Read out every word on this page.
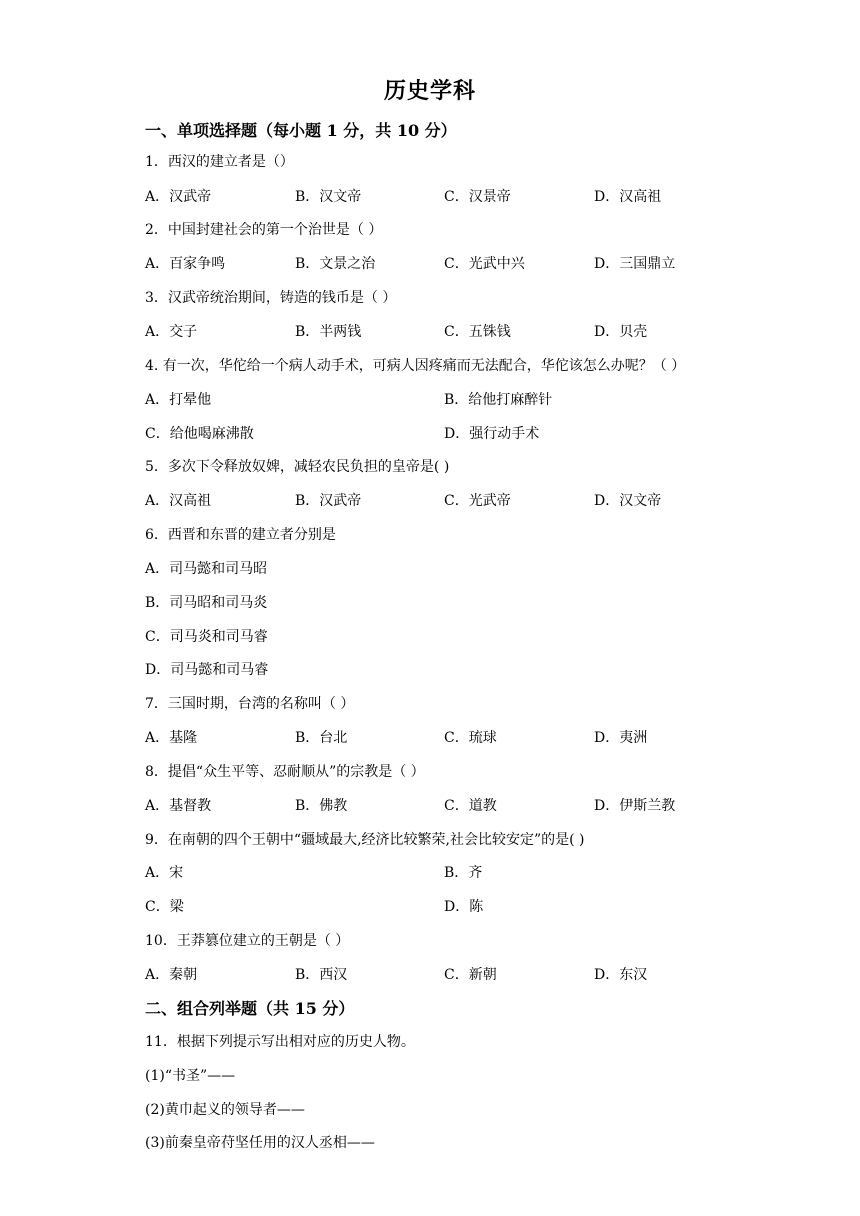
历史学科
一、单项选择题（每小题 1 分，共 10 分）
1．西汉的建立者是（）
A．汉武帝	B．汉文帝	C．汉景帝	D．汉高祖
2．中国封建社会的第一个治世是（ ）
A．百家争鸣	B．文景之治	C．光武中兴	D．三国鼎立
3．汉武帝统治期间，铸造的钱币是（ ）
A．交子	B．半两钱	C．五铢钱	D．贝壳
4. 有一次，华佗给一个病人动手术，可病人因疼痛而无法配合，华佗该怎么办呢？（ ）
A．打晕他	B．给他打麻醉针
C．给他喝麻沸散	D．强行动手术
5．多次下令释放奴婢，减轻农民负担的皇帝是( )
A．汉高祖	B．汉武帝	C．光武帝	D．汉文帝
6．西晋和东晋的建立者分别是
A．司马懿和司马昭
B．司马昭和司马炎
C．司马炎和司马睿
D．司马懿和司马睿
7．三国时期，台湾的名称叫（ ）
A．基隆	B．台北	C．琉球	D．夷洲
8．提倡“众生平等、忍耐顺从”的宗教是（ ）
A．基督教	B．佛教	C．道教	D．伊斯兰教
9．在南朝的四个王朝中“疆域最大,经济比较繁荣,社会比较安定”的是( )
A．宋	B．齐
C．梁	D．陈
10．王莽篡位建立的王朝是（ ）
A．秦朝	B．西汉	C．新朝	D．东汉
二、组合列举题（共 15 分）
11．根据下列提示写出相对应的历史人物。
(1)“书圣”——
(2)黄巾起义的领导者——
(3)前秦皇帝苻坚任用的汉人丞相——
